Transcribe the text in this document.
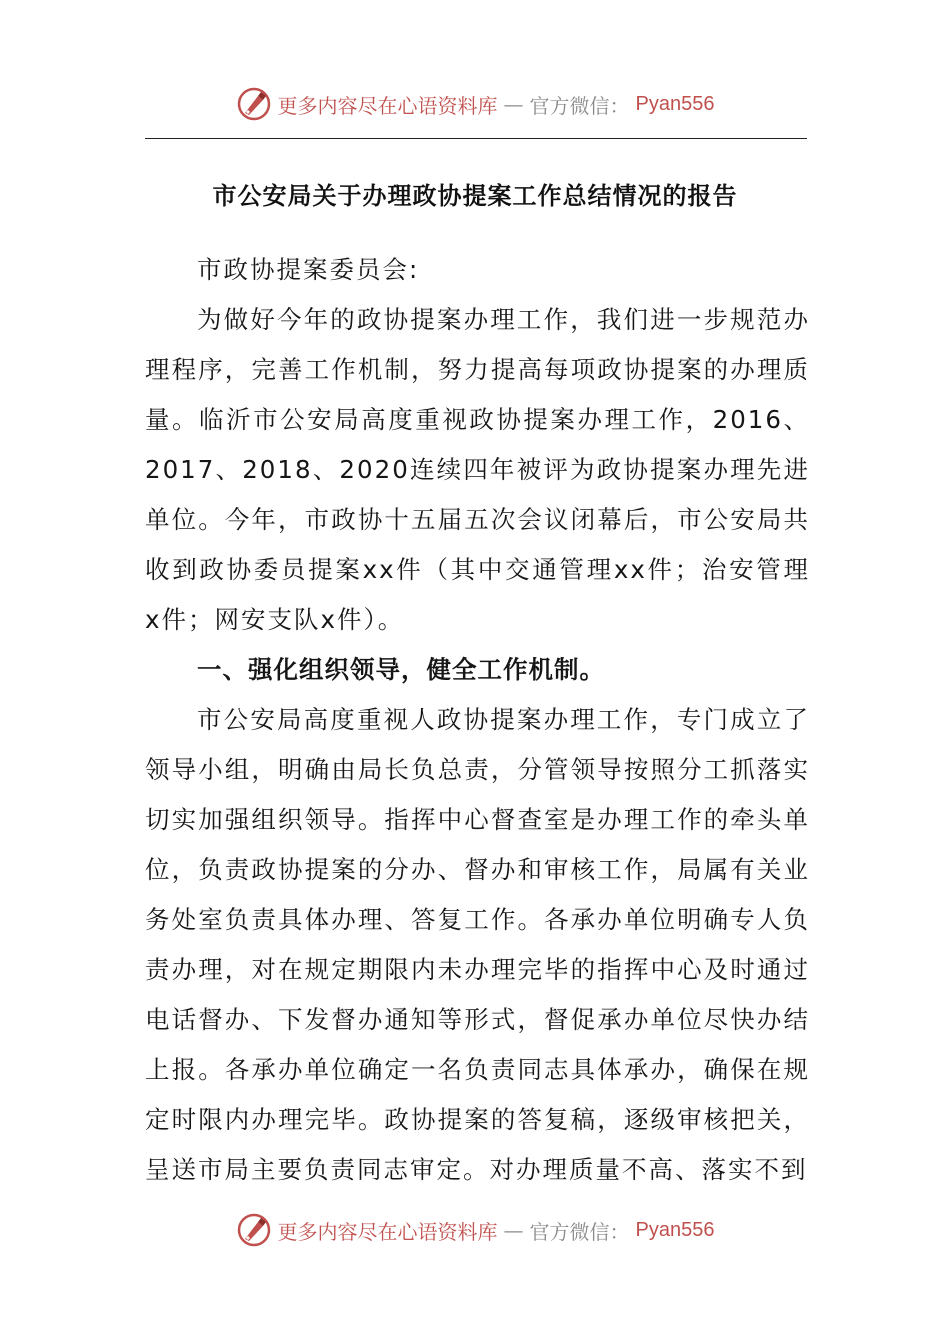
更多内容尽在心语资料库 — 官方微信： Pyan556
市公安局关于办理政协提案工作总结情况的报告

市政协提案委员会:

为做好今年的政协提案办理工作，我们进一步规范办理程序，完善工作机制，努力提高每项政协提案的办理质量。临沂市公安局高度重视政协提案办理工作，2016、2017、2018、2020连续四年被评为政协提案办理先进单位。今年，市政协十五届五次会议闭幕后，市公安局共收到政协委员提案xx件（其中交通管理xx件；治安管理x件；网安支队x件）。

一、强化组织领导，健全工作机制。

市公安局高度重视人政协提案办理工作，专门成立了领导小组，明确由局长负总责，分管领导按照分工抓落实切实加强组织领导。指挥中心督查室是办理工作的牵头单位，负责政协提案的分办、督办和审核工作，局属有关业务处室负责具体办理、答复工作。各承办单位明确专人负责办理，对在规定期限内未办理完毕的指挥中心及时通过电话督办、下发督办通知等形式，督促承办单位尽快办结上报。各承办单位确定一名负责同志具体承办，确保在规定时限内办理完毕。政协提案的答复稿，逐级审核把关，呈送市局主要负责同志审定。对办理质量不高、落实不到

更多内容尽在心语资料库 — 官方微信： Pyan556
